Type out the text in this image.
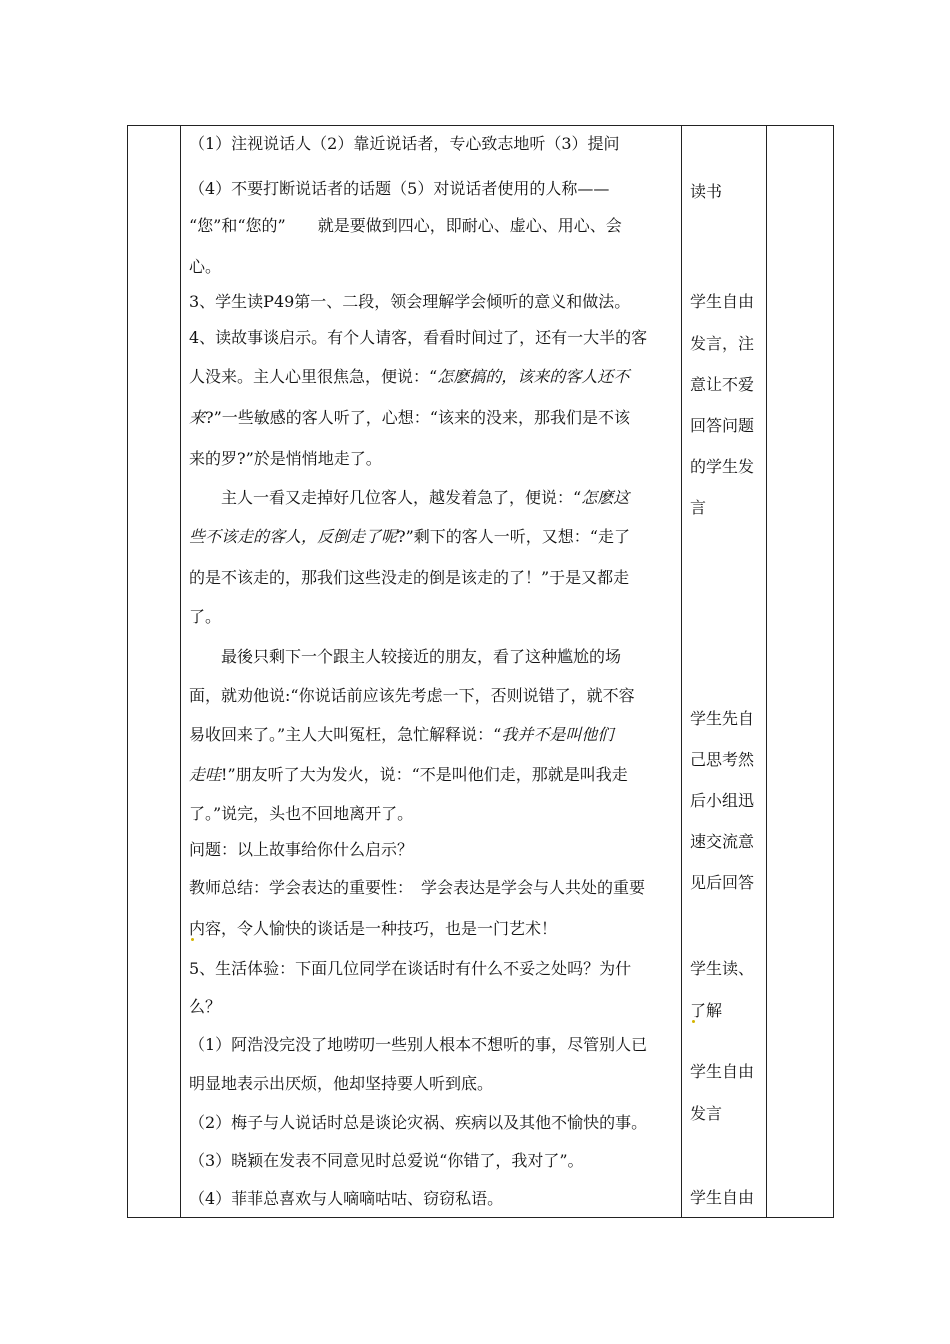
（1）注视说话人（2）靠近说话者，专心致志地听（3）提问
（4）不要打断说话者的话题（5）对说话者使用的人称——
“您”和“您的”　　就是要做到四心，即耐心、虚心、用心、会
心。
3、学生读P49第一、二段，领会理解学会倾听的意义和做法。
4、读故事谈启示。有个人请客，看看时间过了，还有一大半的客
人没来。主人心里很焦急，便说：“怎麽搞的，该来的客人还不
来?”一些敏感的客人听了，心想：“该来的没来，那我们是不该
来的罗?”於是悄悄地走了。
　　主人一看又走掉好几位客人，越发着急了，便说：“怎麽这
些不该走的客人，反倒走了呢?”剩下的客人一听，又想：“走了
的是不该走的，那我们这些没走的倒是该走的了！”于是又都走
了。
　　最後只剩下一个跟主人较接近的朋友，看了这种尴尬的场
面，就劝他说:“你说话前应该先考虑一下，否则说错了，就不容
易收回来了。”主人大叫冤枉，急忙解释说：“我并不是叫他们
走哇!”朋友听了大为发火，说：“不是叫他们走，那就是叫我走
了。”说完，头也不回地离开了。
问题：以上故事给你什么启示？
教师总结：学会表达的重要性：　学会表达是学会与人共处的重要
内容，令人愉快的谈话是一种技巧，也是一门艺术！
5、生活体验：下面几位同学在谈话时有什么不妥之处吗？为什
么？
（1）阿浩没完没了地唠叨一些别人根本不想听的事，尽管别人已
明显地表示出厌烦，他却坚持要人听到底。
（2）梅子与人说话时总是谈论灾祸、疾病以及其他不愉快的事。
（3）晓颖在发表不同意见时总爱说“你错了，我对了”。
（4）菲菲总喜欢与人嘀嘀咕咕、窃窃私语。
读书
学生自由
发言，注
意让不爱
回答问题
的学生发
言
学生先自
己思考然
后小组迅
速交流意
见后回答
学生读、
了解
学生自由
发言
学生自由
